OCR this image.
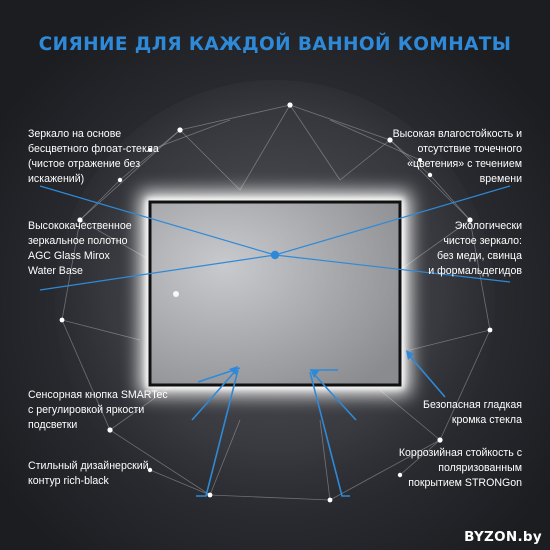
СИЯНИЕ ДЛЯ КАЖДОЙ ВАННОЙ КОМНАТЫ
Зеркало на основе
бесцветного флоат-стекла
(чистое отражение без
искажений)
Высококачественное
зеркальное полотно
AGC Glass Mirox
Water Base
Сенсорная кнопка SMARTec
с регулировкой яркости
подсветки
Стильный дизайнерский
контур rich-black
Высокая влагостойкость и
отсутствие точечного
«цветения» с течением
времени
Экологически
чистое зеркало:
без меди, свинца
и формальдегидов
Безопасная гладкая
кромка стекла
Коррозийная стойкость с
поляризованным
покрытием STRONGon
BYZON.by
